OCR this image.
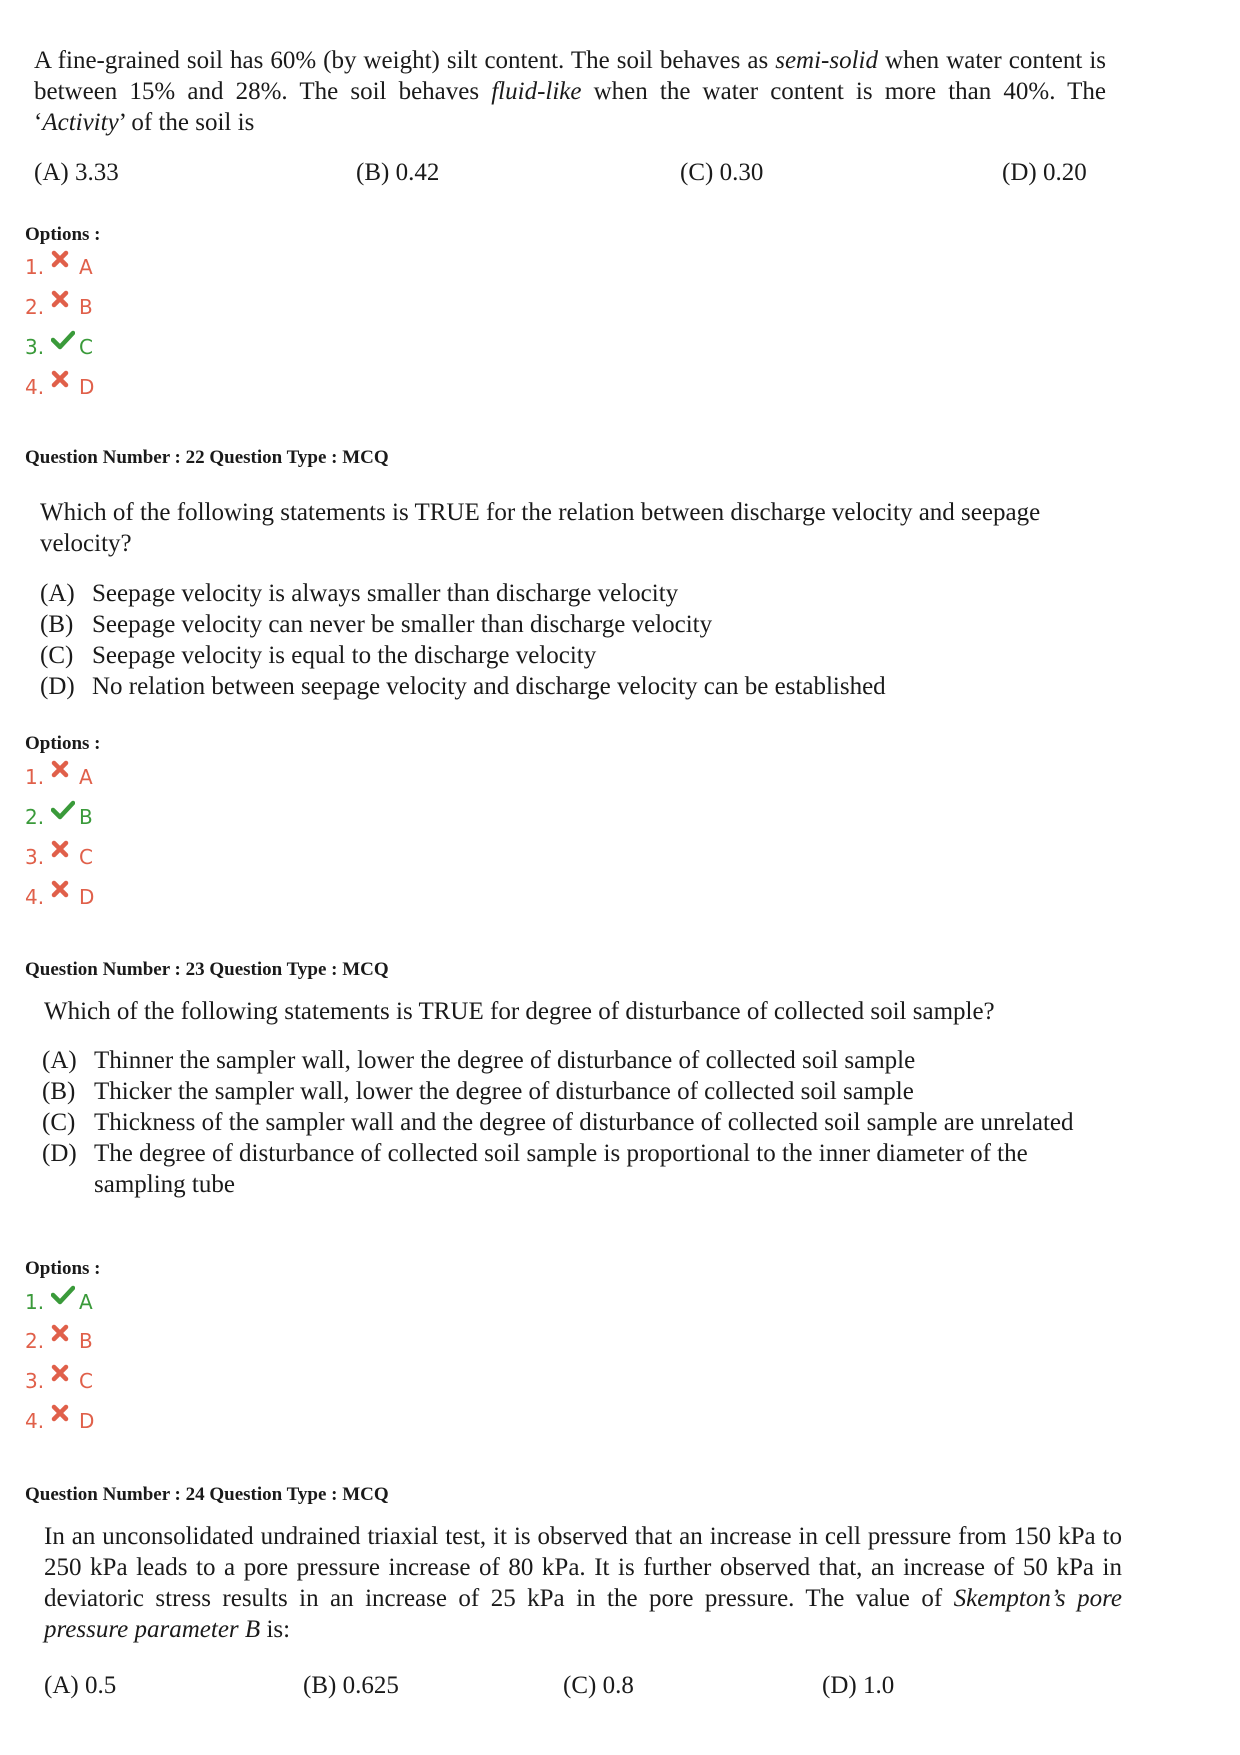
A fine-grained soil has 60% (by weight) silt content. The soil behaves as semi-solid when water content is between 15% and 28%. The soil behaves fluid-like when the water content is more than 40%. The ‘Activity’ of the soil is
(A) 3.33	(B) 0.42	(C) 0.30	(D) 0.20
Options :
1.	A
2.	B
3.	C
4.	D
Question Number : 22 Question Type : MCQ
Which of the following statements is TRUE for the relation between discharge velocity and seepage velocity?
(A) Seepage velocity is always smaller than discharge velocity
(B) Seepage velocity can never be smaller than discharge velocity
(C) Seepage velocity is equal to the discharge velocity
(D) No relation between seepage velocity and discharge velocity can be established
Options :
1.	A
2.	B
3.	C
4.	D
Question Number : 23 Question Type : MCQ
Which of the following statements is TRUE for degree of disturbance of collected soil sample?
(A) Thinner the sampler wall, lower the degree of disturbance of collected soil sample
(B) Thicker the sampler wall, lower the degree of disturbance of collected soil sample
(C) Thickness of the sampler wall and the degree of disturbance of collected soil sample are unrelated
(D) The degree of disturbance of collected soil sample is proportional to the inner diameter of the sampling tube
Options :
1.	A
2.	B
3.	C
4.	D
Question Number : 24 Question Type : MCQ
In an unconsolidated undrained triaxial test, it is observed that an increase in cell pressure from 150 kPa to 250 kPa leads to a pore pressure increase of 80 kPa. It is further observed that, an increase of 50 kPa in deviatoric stress results in an increase of 25 kPa in the pore pressure. The value of Skempton’s pore pressure parameter B is:
(A) 0.5	(B) 0.625	(C) 0.8	(D) 1.0
